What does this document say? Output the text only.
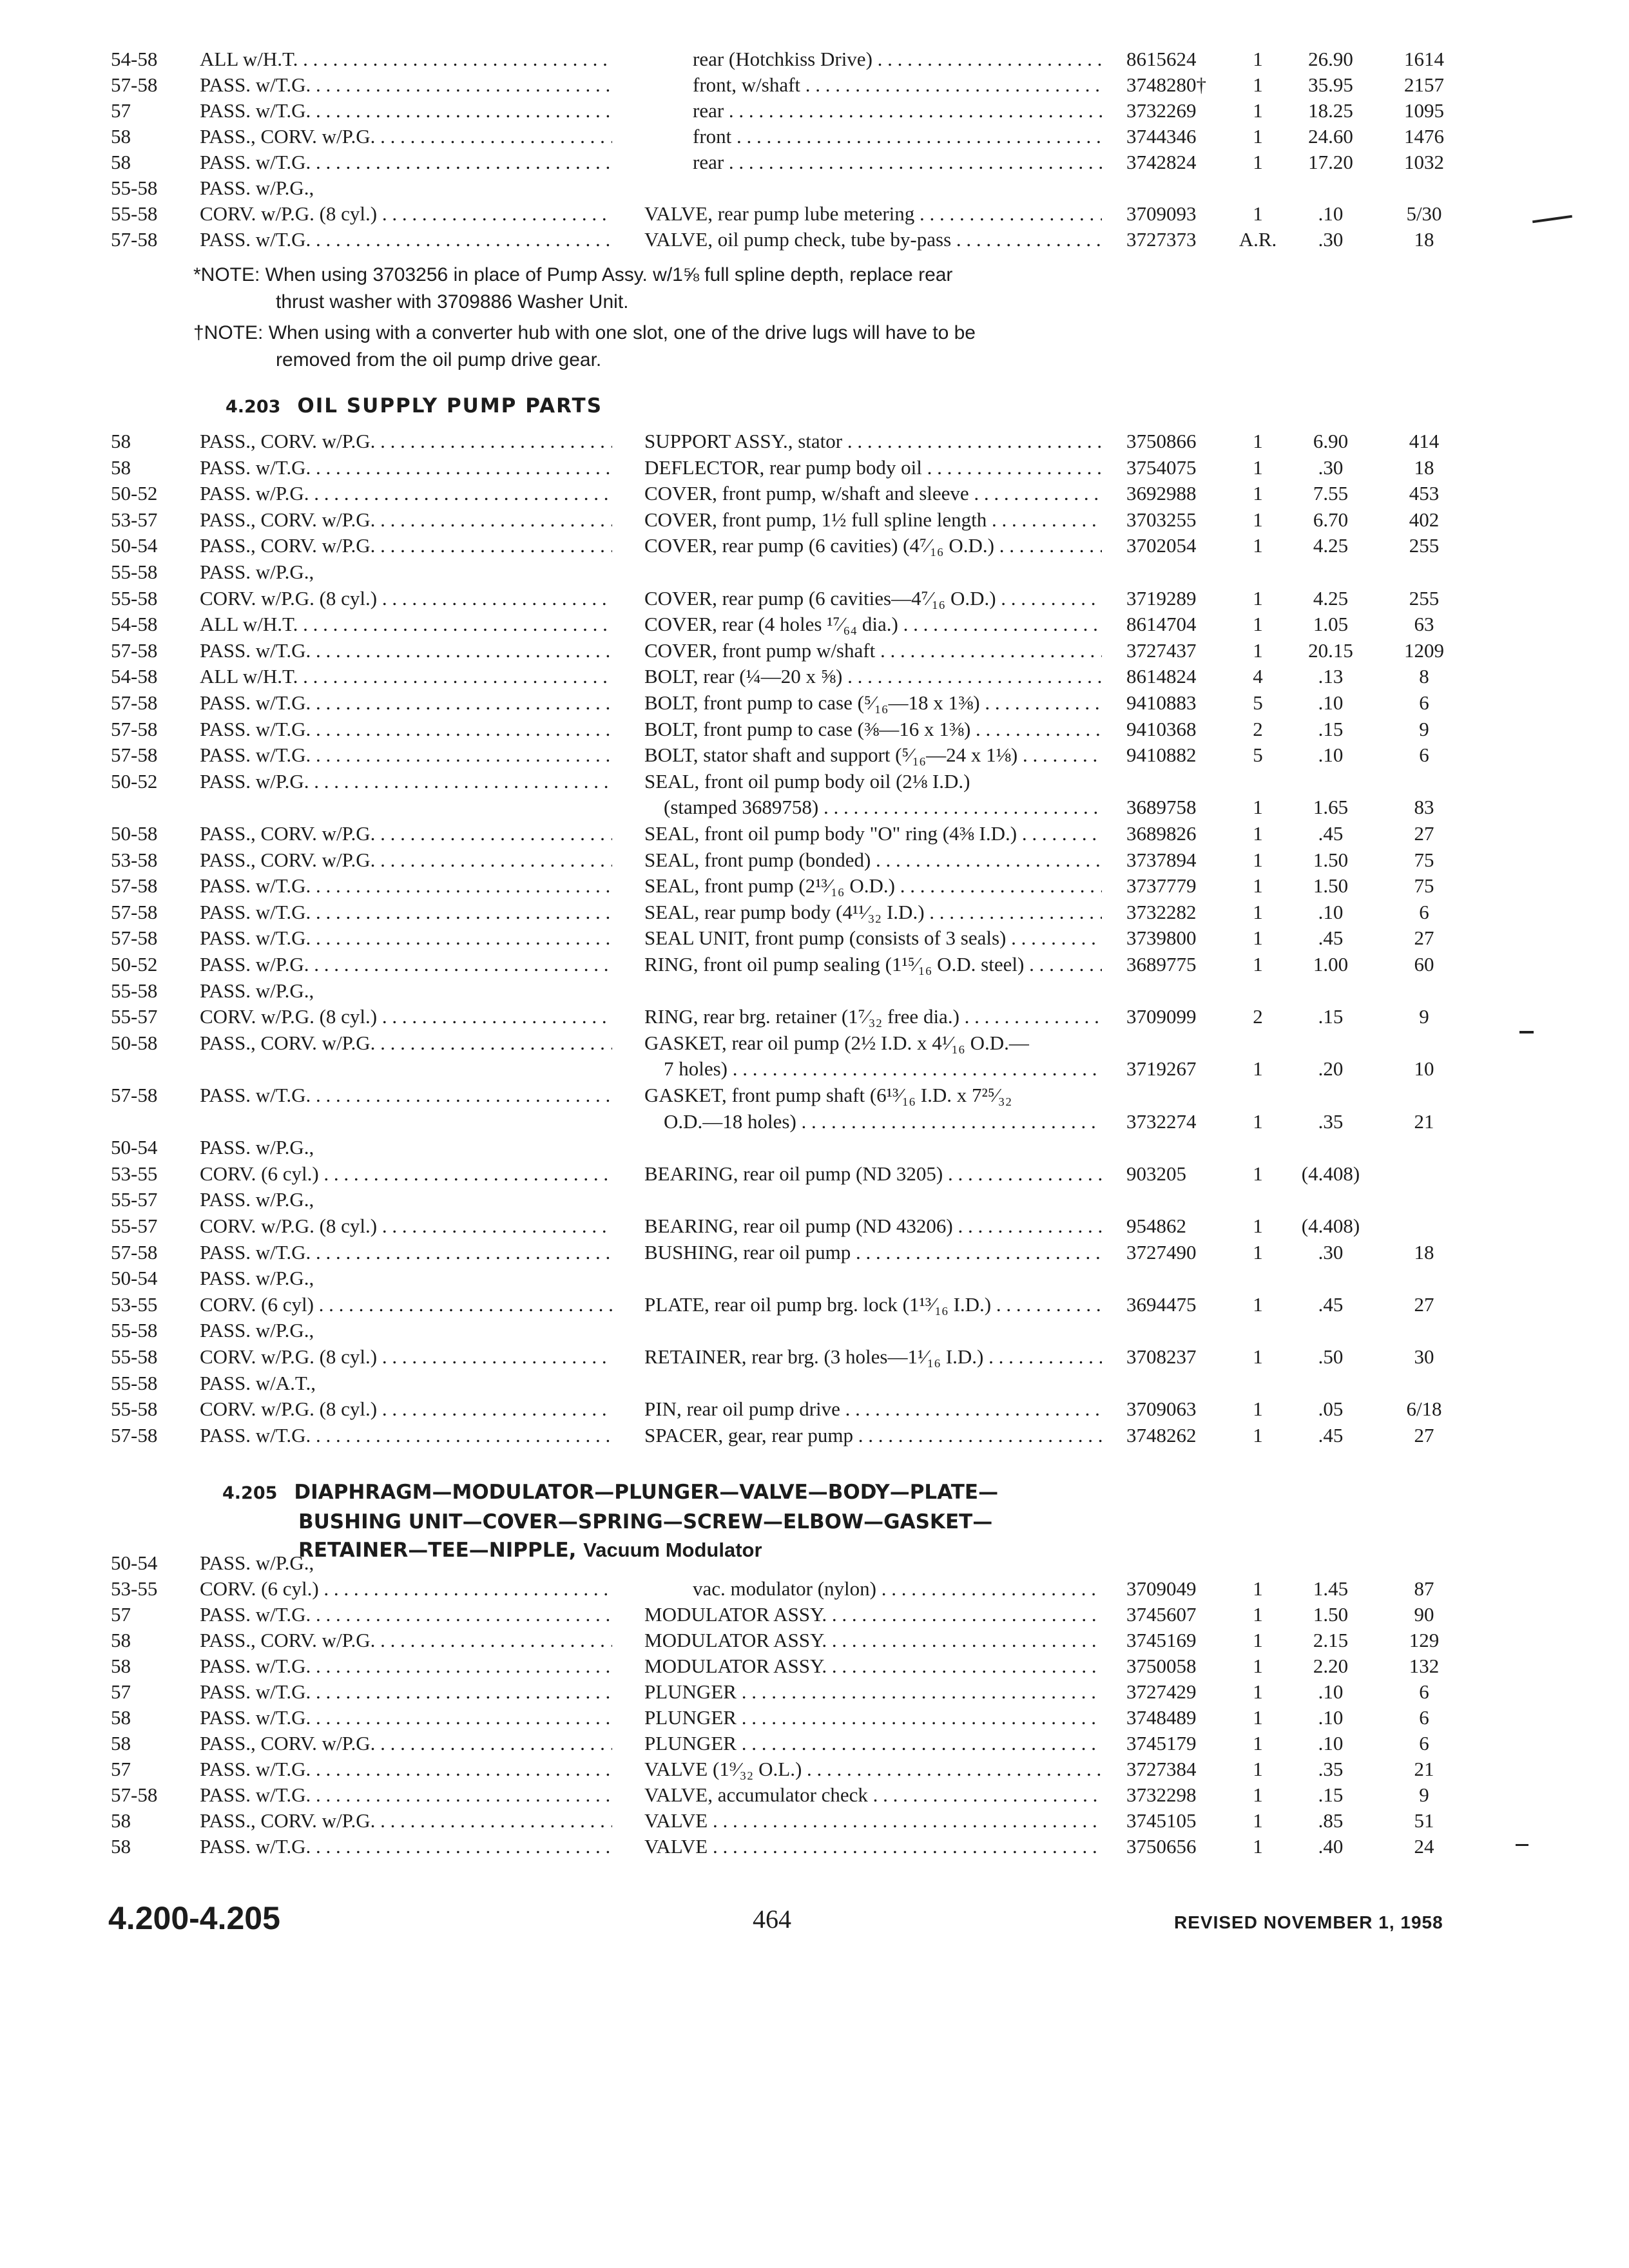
54-58 ALL w/H.T. . . .	rear (Hotchkiss Drive) . . .	8615624	1	26.90	1614
57-58 PASS. w/T.G. . . .	front, w/shaft . . .	3748280†	1	35.95	2157
57	PASS. w/T.G. . . .	rear . . .	3732269	1	18.25	1095
58	PASS., CORV. w/P.G. . . .	front . . .	3744346	1	24.60	1476
58	PASS. w/T.G. . . .	rear . . .	3742824	1	17.20	1032
55-58 PASS. w/P.G.,
55-58 CORV. w/P.G. (8 cyl.) . . .	VALVE, rear pump lube metering . . .	3709093	1	.10	5/30
57-58 PASS. w/T.G. . . .	VALVE, oil pump check, tube by-pass . . .	3727373	A.R.	.30	18
*NOTE: When using 3703256 in place of Pump Assy. w/1⅝ full spline depth, replace rear
thrust washer with 3709886 Washer Unit.
†NOTE: When using with a converter hub with one slot, one of the drive lugs will have to be
removed from the oil pump drive gear.
4.203 OIL SUPPLY PUMP PARTS
58	PASS., CORV. w/P.G. . . .	SUPPORT ASSY., stator . . .	3750866	1	6.90	414
58	PASS. w/T.G. . . .	DEFLECTOR, rear pump body oil . . .	3754075	1	.30	18
50-52 PASS. w/P.G. . . .	COVER, front pump, w/shaft and sleeve . . .	3692988	1	7.55	453
53-57 PASS., CORV. w/P.G. . . .	COVER, front pump, 1½ full spline length . . .	3703255	1	6.70	402
50-54 PASS., CORV. w/P.G. . . .	COVER, rear pump (6 cavities) (4⁷⁄₁₆ O.D.) . . .	3702054	1	4.25	255
55-58 PASS. w/P.G.,
55-58 CORV. w/P.G. (8 cyl.) . . .	COVER, rear pump (6 cavities—4⁷⁄₁₆ O.D.) . . .	3719289	1	4.25	255
54-58 ALL w/H.T. . . .	COVER, rear (4 holes ¹⁷⁄₆₄ dia.) . . .	8614704	1	1.05	63
57-58 PASS. w/T.G. . . .	COVER, front pump w/shaft . . .	3727437	1	20.15	1209
54-58 ALL w/H.T. . . .	BOLT, rear (¼—20 x ⅝) . . .	8614824	4	.13	8
57-58 PASS. w/T.G. . . .	BOLT, front pump to case (⁵⁄₁₆—18 x 1⅜) . . .	9410883	5	.10	6
57-58 PASS. w/T.G. . . .	BOLT, front pump to case (⅜—16 x 1⅜) . . .	9410368	2	.15	9
57-58 PASS. w/T.G. . . .	BOLT, stator shaft and support (⁵⁄₁₆—24 x 1⅛) . . .	9410882	5	.10	6
50-52 PASS. w/P.G. . . .	SEAL, front oil pump body oil (2⅛ I.D.)
(stamped 3689758) . . .	3689758	1	1.65	83
50-58 PASS., CORV. w/P.G. . . .	SEAL, front oil pump body "O" ring (4⅜ I.D.) . . .	3689826	1	.45	27
53-58 PASS., CORV. w/P.G. . . .	SEAL, front pump (bonded) . . .	3737894	1	1.50	75
57-58 PASS. w/T.G. . . .	SEAL, front pump (2¹³⁄₁₆ O.D.) . . .	3737779	1	1.50	75
57-58 PASS. w/T.G. . . .	SEAL, rear pump body (4¹¹⁄₃₂ I.D.) . . .	3732282	1	.10	6
57-58 PASS. w/T.G. . . .	SEAL UNIT, front pump (consists of 3 seals) . . .	3739800	1	.45	27
50-52 PASS. w/P.G. . . .	RING, front oil pump sealing (1¹⁵⁄₁₆ O.D. steel) . . .	3689775	1	1.00	60
55-58 PASS. w/P.G.,
55-57 CORV. w/P.G. (8 cyl.) . . .	RING, rear brg. retainer (1⁷⁄₃₂ free dia.) . . .	3709099	2	.15	9
50-58 PASS., CORV. w/P.G. . . .	GASKET, rear oil pump (2½ I.D. x 4¹⁄₁₆ O.D.—
7 holes) . . .	3719267	1	.20	10
57-58 PASS. w/T.G. . . .	GASKET, front pump shaft (6¹³⁄₁₆ I.D. x 7²⁵⁄₃₂
O.D.—18 holes) . . .	3732274	1	.35	21
50-54 PASS. w/P.G.,
53-55 CORV. (6 cyl.) . . .	BEARING, rear oil pump (ND 3205) . . .	903205	1	(4.408)
55-57 PASS. w/P.G.,
55-57 CORV. w/P.G. (8 cyl.) . . .	BEARING, rear oil pump (ND 43206) . . .	954862	1	(4.408)
57-58 PASS. w/T.G. . . .	BUSHING, rear oil pump . . .	3727490	1	.30	18
50-54 PASS. w/P.G.,
53-55 CORV. (6 cyl) . . .	PLATE, rear oil pump brg. lock (1¹³⁄₁₆ I.D.) . . .	3694475	1	.45	27
55-58 PASS. w/P.G.,
55-58 CORV. w/P.G. (8 cyl.) . . .	RETAINER, rear brg. (3 holes—1¹⁄₁₆ I.D.) . . .	3708237	1	.50	30
55-58 PASS. w/A.T.,
55-58 CORV. w/P.G. (8 cyl.) . . .	PIN, rear oil pump drive . . .	3709063	1	.05	6/18
57-58 PASS. w/T.G. . . .	SPACER, gear, rear pump . . .	3748262	1	.45	27
4.205 DIAPHRAGM—MODULATOR—PLUNGER—VALVE—BODY—PLATE—
BUSHING UNIT—COVER—SPRING—SCREW—ELBOW—GASKET—
RETAINER—TEE—NIPPLE, Vacuum Modulator
50-54 PASS. w/P.G.,
53-55 CORV. (6 cyl.) . . .	vac. modulator (nylon) . . .	3709049	1	1.45	87
57	PASS. w/T.G. . . .	MODULATOR ASSY. . . .	3745607	1	1.50	90
58	PASS., CORV. w/P.G. . . .	MODULATOR ASSY. . . .	3745169	1	2.15	129
58	PASS. w/T.G. . . .	MODULATOR ASSY. . . .	3750058	1	2.20	132
57	PASS. w/T.G. . . .	PLUNGER . . .	3727429	1	.10	6
58	PASS. w/T.G. . . .	PLUNGER . . .	3748489	1	.10	6
58	PASS., CORV. w/P.G. . . .	PLUNGER . . .	3745179	1	.10	6
57	PASS. w/T.G. . . .	VALVE (1⁹⁄₃₂ O.L.) . . .	3727384	1	.35	21
57-58 PASS. w/T.G. . . .	VALVE, accumulator check . . .	3732298	1	.15	9
58	PASS., CORV. w/P.G. . . .	VALVE . . .	3745105	1	.85	51
58	PASS. w/T.G. . . .	VALVE . . .	3750656	1	.40	24
4.200-4.205	464	REVISED NOVEMBER 1, 1958
